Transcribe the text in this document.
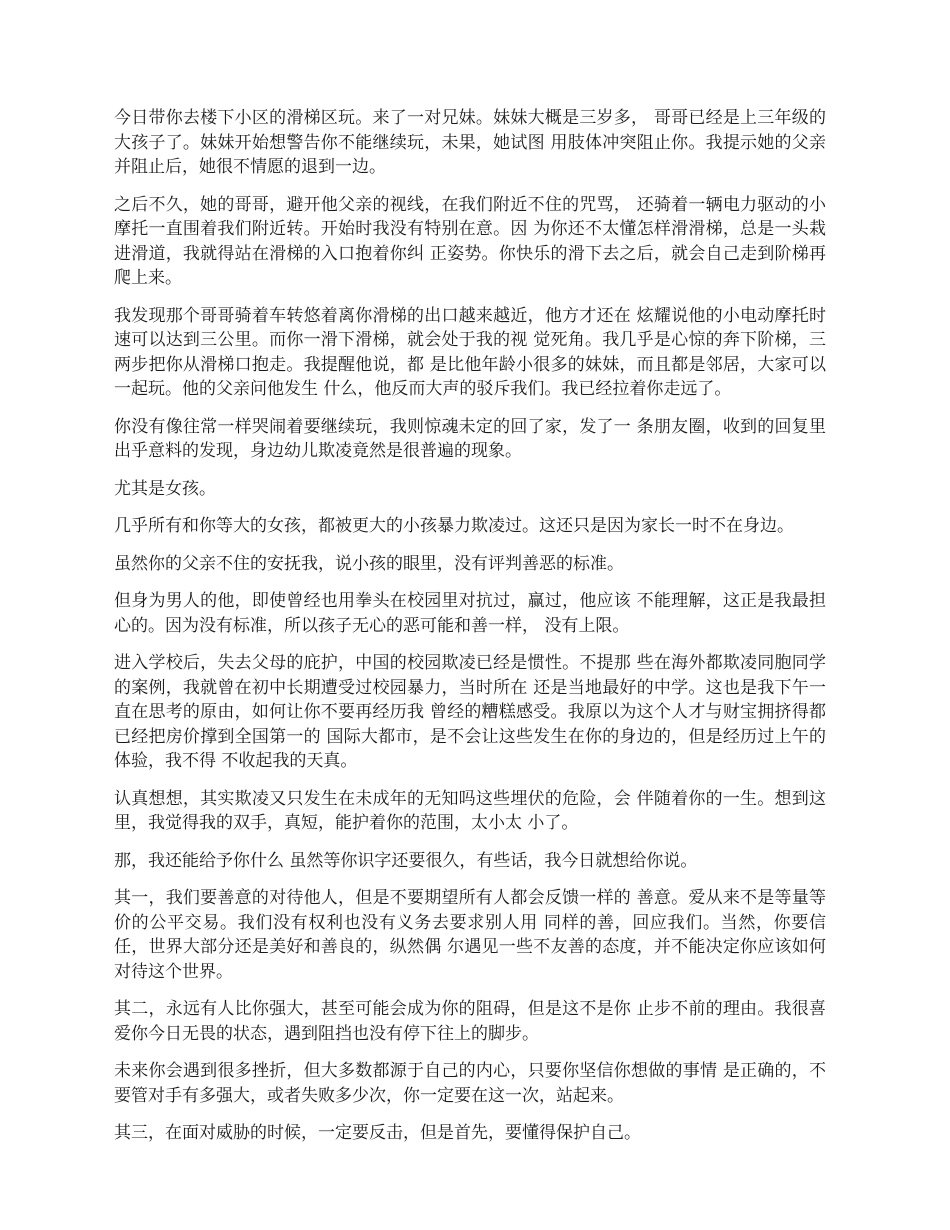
今日带你去楼下小区的滑梯区玩。来了一对兄妹。妹妹大概是三岁多， 哥哥已经是上三年级的大孩子了。妹妹开始想警告你不能继续玩，未果，她试图 用肢体冲突阻止你。我提示她的父亲并阻止后，她很不情愿的退到一边。

之后不久，她的哥哥，避开他父亲的视线，在我们附近不住的咒骂， 还骑着一辆电力驱动的小摩托一直围着我们附近转。开始时我没有特别在意。因 为你还不太懂怎样滑滑梯，总是一头栽进滑道，我就得站在滑梯的入口抱着你纠 正姿势。你快乐的滑下去之后，就会自己走到阶梯再爬上来。

我发现那个哥哥骑着车转悠着离你滑梯的出口越来越近，他方才还在 炫耀说他的小电动摩托时速可以达到三公里。而你一滑下滑梯，就会处于我的视 觉死角。我几乎是心惊的奔下阶梯，三两步把你从滑梯口抱走。我提醒他说，都 是比他年龄小很多的妹妹，而且都是邻居，大家可以一起玩。他的父亲问他发生 什么，他反而大声的驳斥我们。我已经拉着你走远了。

你没有像往常一样哭闹着要继续玩，我则惊魂未定的回了家，发了一 条朋友圈，收到的回复里出乎意料的发现，身边幼儿欺凌竟然是很普遍的现象。

尤其是女孩。

几乎所有和你等大的女孩，都被更大的小孩暴力欺凌过。这还只是因为家长一时不在身边。

虽然你的父亲不住的安抚我，说小孩的眼里，没有评判善恶的标准。

但身为男人的他，即使曾经也用拳头在校园里对抗过，赢过，他应该 不能理解，这正是我最担心的。因为没有标准，所以孩子无心的恶可能和善一样， 没有上限。

进入学校后，失去父母的庇护，中国的校园欺凌已经是惯性。不提那 些在海外都欺凌同胞同学的案例，我就曾在初中长期遭受过校园暴力，当时所在 还是当地最好的中学。这也是我下午一直在思考的原由，如何让你不要再经历我 曾经的糟糕感受。我原以为这个人才与财宝拥挤得都已经把房价撑到全国第一的 国际大都市，是不会让这些发生在你的身边的，但是经历过上午的体验，我不得 不收起我的天真。

认真想想，其实欺凌又只发生在未成年的无知吗这些埋伏的危险，会 伴随着你的一生。想到这里，我觉得我的双手，真短，能护着你的范围，太小太 小了。

那，我还能给予你什么 虽然等你识字还要很久，有些话，我今日就想给你说。

其一，我们要善意的对待他人，但是不要期望所有人都会反馈一样的 善意。爱从来不是等量等价的公平交易。我们没有权利也没有义务去要求别人用 同样的善，回应我们。当然，你要信任，世界大部分还是美好和善良的，纵然偶 尔遇见一些不友善的态度，并不能决定你应该如何对待这个世界。

其二，永远有人比你强大，甚至可能会成为你的阻碍，但是这不是你 止步不前的理由。我很喜爱你今日无畏的状态，遇到阻挡也没有停下往上的脚步。

未来你会遇到很多挫折，但大多数都源于自己的内心，只要你坚信你想做的事情 是正确的，不要管对手有多强大，或者失败多少次，你一定要在这一次，站起来。

其三，在面对威胁的时候，一定要反击，但是首先，要懂得保护自己。
